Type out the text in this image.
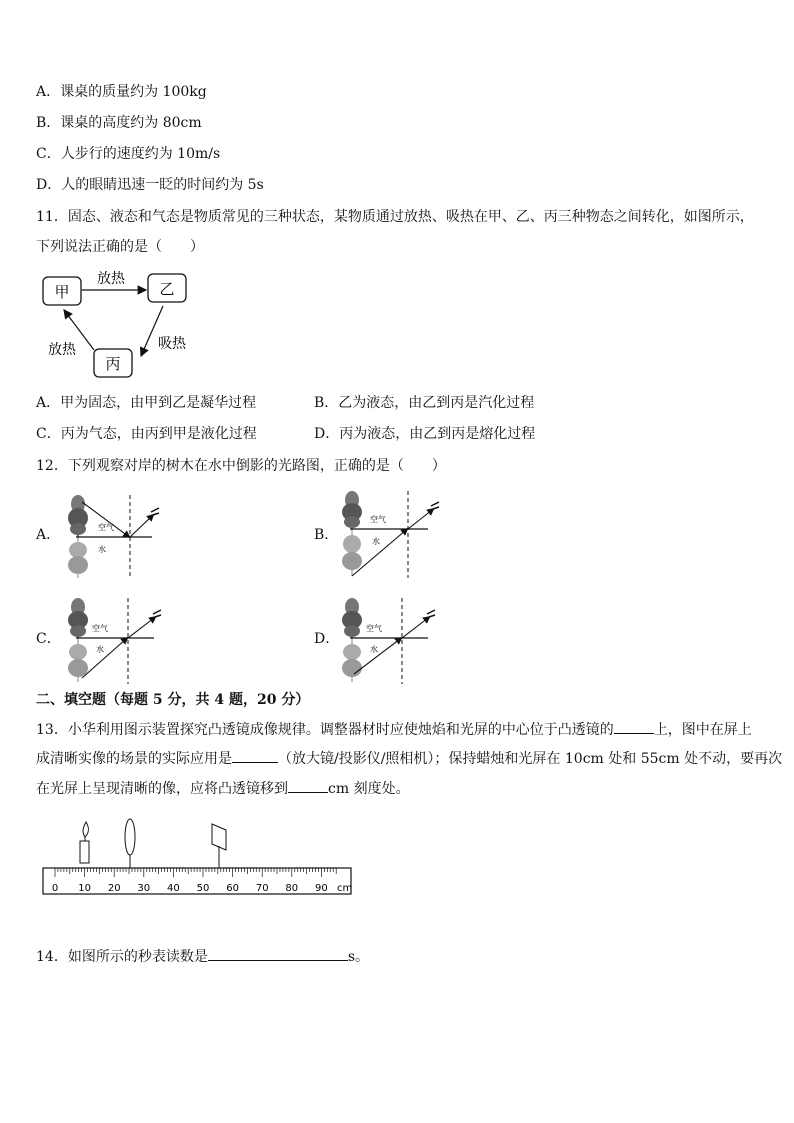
A．课桌的质量约为 100kg
B．课桌的高度约为 80cm
C．人步行的速度约为 10m/s
D．人的眼睛迅速一眨的时间约为 5s
11．固态、液态和气态是物质常见的三种状态，某物质通过放热、吸热在甲、乙、丙三种物态之间转化，如图所示，
下列说法正确的是（　　）
甲	乙
丙
放热
吸热
放热
A．甲为固态，由甲到乙是凝华过程	B．乙为液态，由乙到丙是汽化过程
C．丙为气态，由丙到甲是液化过程	D．丙为液态，由乙到丙是熔化过程
12．下列观察对岸的树木在水中倒影的光路图，正确的是（　　）
A．	B．
C．	D．
空气
水
空气
水
空气
水
空气
水
二、填空题（每题 5 分，共 4 题，20 分）
13．小华利用图示装置探究凸透镜成像规律。调整器材时应使烛焰和光屏的中心位于凸透镜的	上，图中在屏上
成清晰实像的场景的实际应用是	（放大镜/投影仪/照相机）；保持蜡烛和光屏在 10cm 处和 55cm 处不动，要再次
在光屏上呈现清晰的像，应将凸透镜移到	cm 刻度处。
0 10 20 30 40 50 60 70 80 90 cm
14．如图所示的秒表读数是	s。
